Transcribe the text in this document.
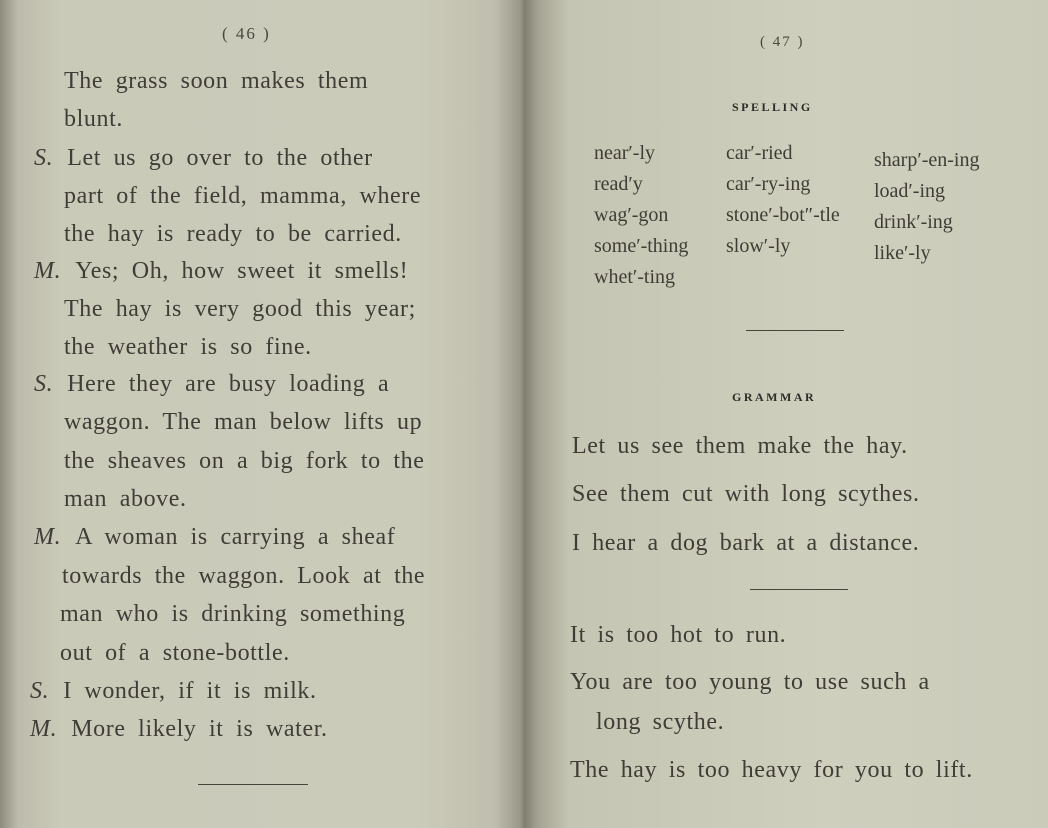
( 46 )
The grass soon makes them
blunt.
S. Let us go over to the other
part of the field, mamma, where
the hay is ready to be carried.
M. Yes; Oh, how sweet it smells!
The hay is very good this year;
the weather is so fine.
S. Here they are busy loading a
waggon. The man below lifts up
the sheaves on a big fork to the
man above.
M. A woman is carrying a sheaf
towards the waggon. Look at the
man who is drinking something
out of a stone-bottle.
S. I wonder, if it is milk.
M. More likely it is water.
( 47 )
SPELLING
near′-ly
read′y
wag′-gon
some′-thing
whet′-ting
car′-ried
car′-ry-ing
stone′-bot″-tle
slow′-ly
sharp′-en-ing
load′-ing
drink′-ing
like′-ly
GRAMMAR
Let us see them make the hay.
See them cut with long scythes.
I hear a dog bark at a distance.
It is too hot to run.
You are too young to use such a
long scythe.
The hay is too heavy for you to lift.
